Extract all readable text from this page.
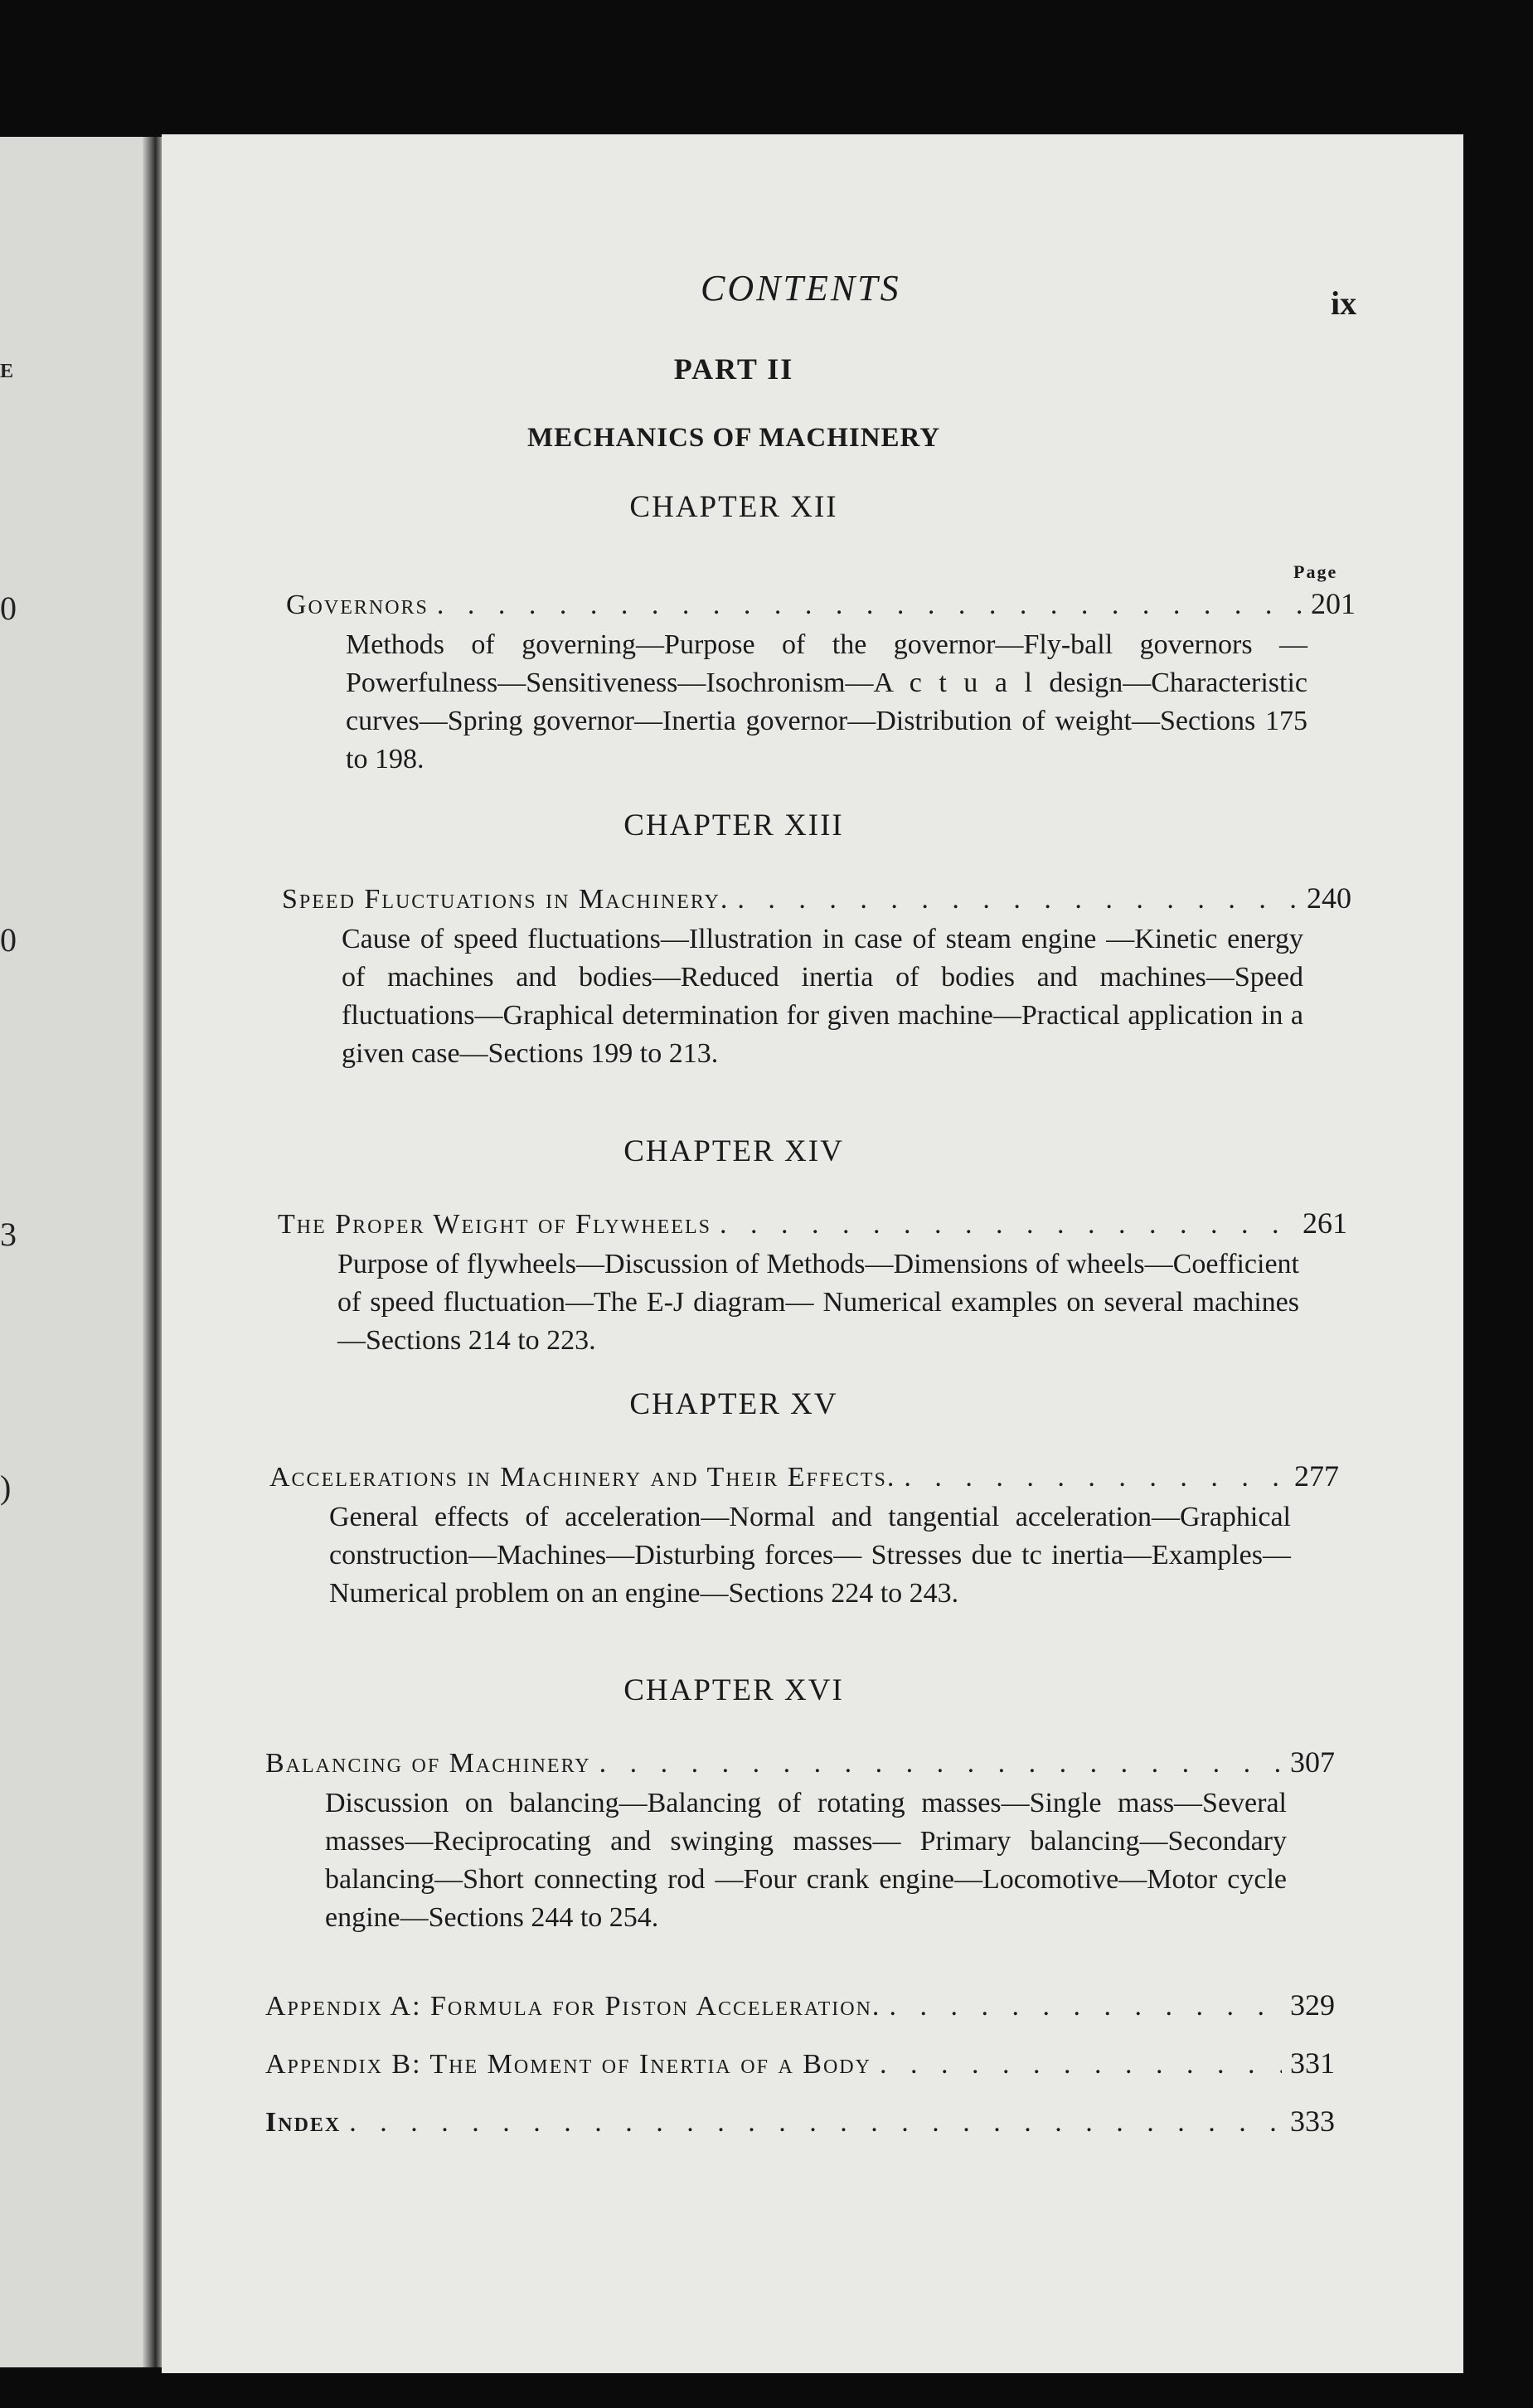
E
0
0
3
)
CONTENTS	ix
PART II
MECHANICS OF MACHINERY
CHAPTER XII
Page
Governors . . .	201
Methods of governing—Purpose of the governor—Fly-ball governors — Powerfulness—Sensitiveness—Isochronism—A c t u a l design—Characteristic curves—Spring governor—Inertia governor—Distribution of weight—Sections 175 to 198.
CHAPTER XIII
Speed Fluctuations in Machinery. . . .	240
Cause of speed fluctuations—Illustration in case of steam engine —Kinetic energy of machines and bodies—Reduced inertia of bodies and machines—Speed fluctuations—Graphical determination for given machine—Practical application in a given case—Sections 199 to 213.
CHAPTER XIV
The Proper Weight of Flywheels . . .	261
Purpose of flywheels—Discussion of Methods—Dimensions of wheels—Coefficient of speed fluctuation—The E-J diagram— Numerical examples on several machines—Sections 214 to 223.
CHAPTER XV
Accelerations in Machinery and Their Effects. . . .	277
General effects of acceleration—Normal and tangential acceleration—Graphical construction—Machines—Disturbing forces— Stresses due tc inertia—Examples—Numerical problem on an engine—Sections 224 to 243.
CHAPTER XVI
Balancing of Machinery . . .	307
Discussion on balancing—Balancing of rotating masses—Single mass—Several masses—Reciprocating and swinging masses— Primary balancing—Secondary balancing—Short connecting rod —Four crank engine—Locomotive—Motor cycle engine—Sections 244 to 254.
Appendix A: Formula for Piston Acceleration. . . .	329
Appendix B: The Moment of Inertia of a Body . . .	331
Index . . .	333
